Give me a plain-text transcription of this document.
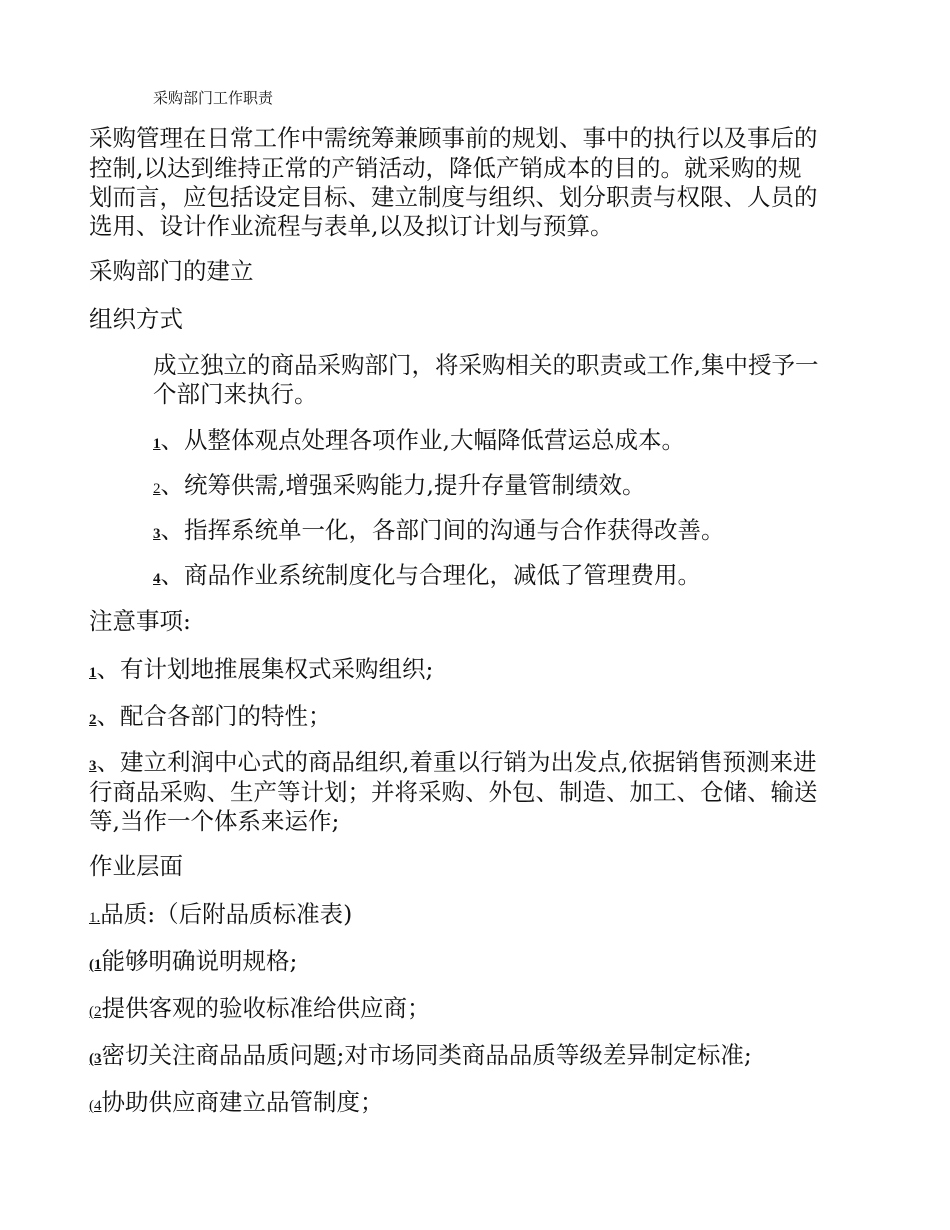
采购部门工作职责

采购管理在日常工作中需统筹兼顾事前的规划、事中的执行以及事后的

控制,以达到维持正常的产销活动，降低产销成本的目的。就采购的规

划而言，应包括设定目标、建立制度与组织、划分职责与权限、人员的

选用、设计作业流程与表单,以及拟订计划与预算。

采购部门的建立

组织方式

成立独立的商品采购部门，将采购相关的职责或工作,集中授予一

个部门来执行。

1、从整体观点处理各项作业,大幅降低营运总成本。

2、统筹供需,增强采购能力,提升存量管制绩效。

3、指挥系统单一化，各部门间的沟通与合作获得改善。

4、商品作业系统制度化与合理化，减低了管理费用。

注意事项:

1、有计划地推展集权式采购组织;

2、配合各部门的特性；

3、建立利润中心式的商品组织,着重以行销为出发点,依据销售预测来进

行商品采购、生产等计划；并将采购、外包、制造、加工、仓储、输送

等,当作一个体系来运作;

作业层面

1.品质:（后附品质标准表)

(1能够明确说明规格;

(2提供客观的验收标准给供应商；

(3密切关注商品品质问题;对市场同类商品品质等级差异制定标准;

(4协助供应商建立品管制度；
